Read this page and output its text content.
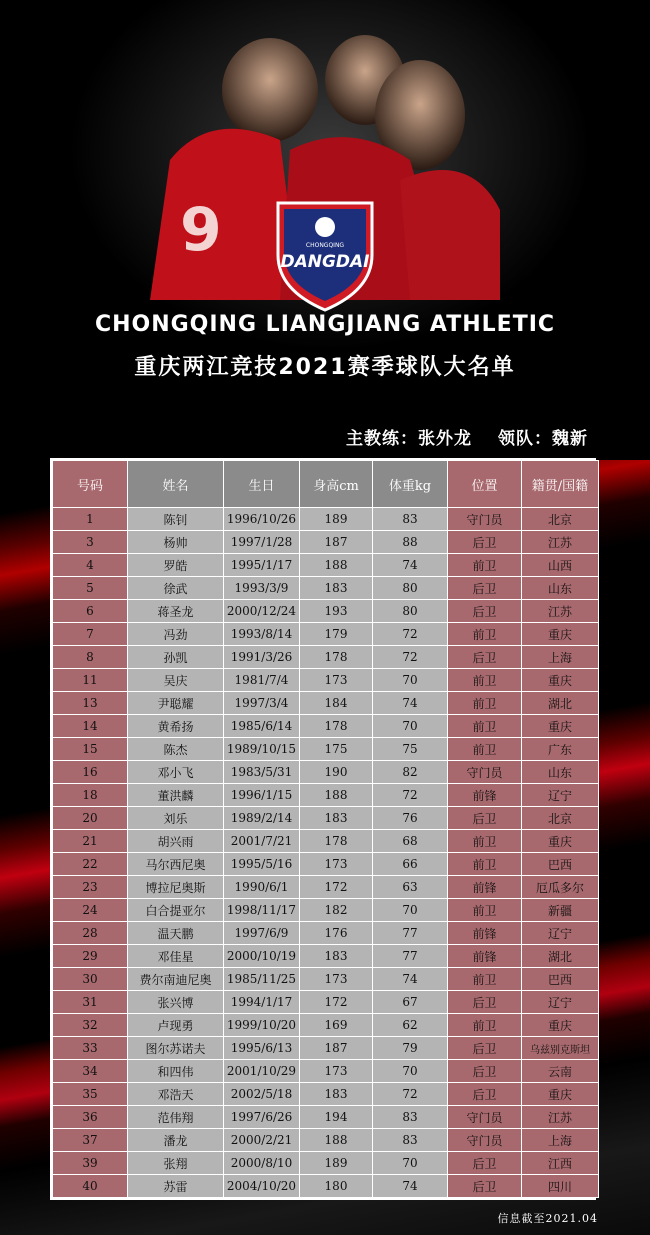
9	CHONGQING
DANGDAI
CHONGQING LIANGJIANG ATHLETIC
重庆两江竞技2021赛季球队大名单
主教练：张外龙 领队：魏新
号码	姓名	生日	身高cm	体重kg	位置	籍贯/国籍
1	陈钊	1996/10/26	189	83	守门员	北京
3	杨帅	1997/1/28	187	88	后卫	江苏
4	罗皓	1995/1/17	188	74	前卫	山西
5	徐武	1993/3/9	183	80	后卫	山东
6	蒋圣龙	2000/12/24	193	80	后卫	江苏
7	冯劲	1993/8/14	179	72	前卫	重庆
8	孙凯	1991/3/26	178	72	后卫	上海
11	吴庆	1981/7/4	173	70	前卫	重庆
13	尹聪耀	1997/3/4	184	74	前卫	湖北
14	黄希扬	1985/6/14	178	70	前卫	重庆
15	陈杰	1989/10/15	175	75	前卫	广东
16	邓小飞	1983/5/31	190	82	守门员	山东
18	董洪麟	1996/1/15	188	72	前锋	辽宁
20	刘乐	1989/2/14	183	76	后卫	北京
21	胡兴雨	2001/7/21	178	68	前卫	重庆
22	马尔西尼奥	1995/5/16	173	66	前卫	巴西
23	博拉尼奥斯	1990/6/1	172	63	前锋	厄瓜多尔
24	白合提亚尔	1998/11/17	182	70	前卫	新疆
28	温天鹏	1997/6/9	176	77	前锋	辽宁
29	邓佳星	2000/10/19	183	77	前锋	湖北
30	费尔南迪尼奥	1985/11/25	173	74	前卫	巴西
31	张兴博	1994/1/17	172	67	后卫	辽宁
32	卢现勇	1999/10/20	169	62	前卫	重庆
33	图尔苏诺夫	1995/6/13	187	79	后卫	乌兹别克斯坦
34	和四伟	2001/10/29	173	70	后卫	云南
35	邓浩天	2002/5/18	183	72	后卫	重庆
36	范伟翔	1997/6/26	194	83	守门员	江苏
37	潘龙	2000/2/21	188	83	守门员	上海
39	张翔	2000/8/10	189	70	后卫	江西
40	苏雷	2004/10/20	180	74	后卫	四川
信息截至2021.04
